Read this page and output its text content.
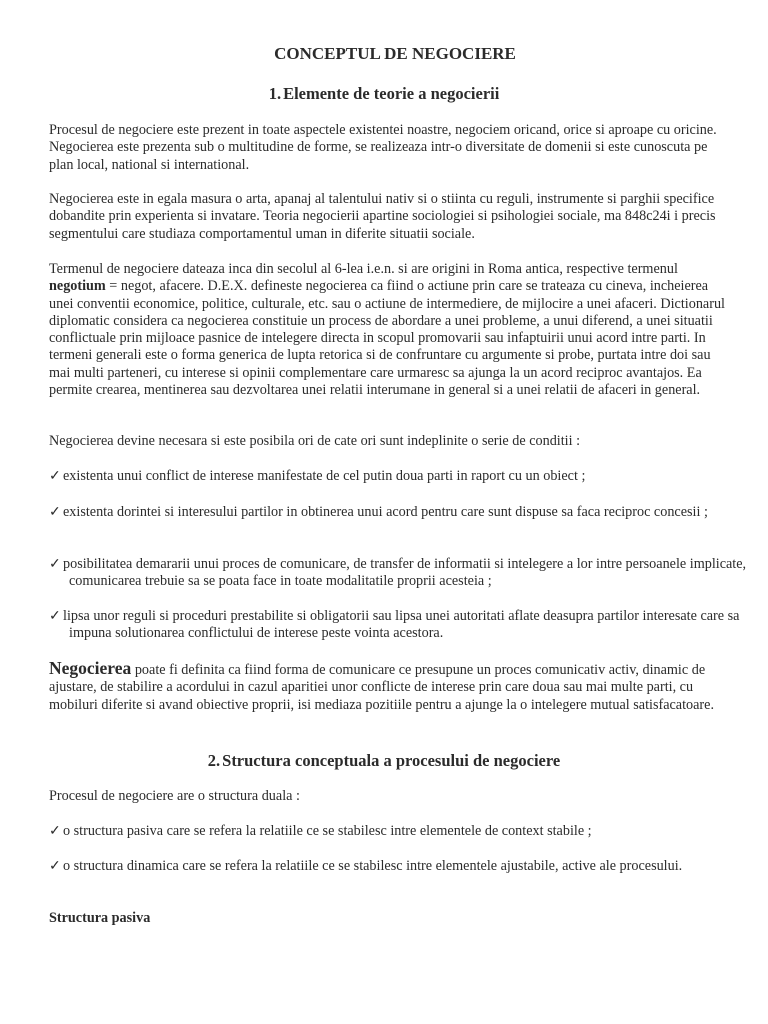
CONCEPTUL DE NEGOCIERE
1. Elemente de teorie a negocierii

Procesul de negociere este prezent in toate aspectele existentei noastre, negociem oricand, orice si aproape cu oricine. Negocierea este prezenta sub o multitudine de forme, se realizeaza intr-o diversitate de domenii si este cunoscuta pe plan local, national si international.

Negocierea este in egala masura o arta, apanaj al talentului nativ si o stiinta cu reguli, instrumente si parghii specifice dobandite prin experienta si invatare. Teoria negocierii apartine sociologiei si psihologiei sociale, ma 848c24i i precis segmentului care studiaza comportamentul uman in diferite situatii sociale.

Termenul de negociere dateaza inca din secolul al 6-lea i.e.n. si are origini in Roma antica, respective termenul negotium = negot, afacere. D.E.X. defineste negocierea ca fiind o actiune prin care se trateaza cu cineva, incheierea unei conventii economice, politice, culturale, etc. sau o actiune de intermediere, de mijlocire a unei afaceri. Dictionarul diplomatic considera ca negocierea constituie un process de abordare a unei probleme, a unui diferend, a unei situatii conflictuale prin mijloace pasnice de intelegere directa in scopul promovarii sau infaptuirii unui acord intre parti. In termeni generali este o forma generica de lupta retorica si de confruntare cu argumente si probe, purtata intre doi sau mai multi parteneri, cu interese si opinii complementare care urmaresc sa ajunga la un acord reciproc avantajos. Ea permite crearea, mentinerea sau dezvoltarea unei relatii interumane in general si a unei relatii de afaceri in general.

Negocierea devine necesara si este posibila ori de cate ori sunt indeplinite o serie de conditii :

✓ existenta unui conflict de interese manifestate de cel putin doua parti in raport cu un obiect ;

✓ existenta dorintei si interesului partilor in obtinerea unui acord pentru care sunt dispuse sa faca reciproc concesii ;

✓ posibilitatea demararii unui proces de comunicare, de transfer de informatii si intelegere a lor intre persoanele implicate, comunicarea trebuie sa se poata face in toate modalitatile proprii acesteia ;

✓ lipsa unor reguli si proceduri prestabilite si obligatorii sau lipsa unei autoritati aflate deasupra partilor interesate care sa impuna solutionarea conflictului de interese peste vointa acestora.

Negocierea poate fi definita ca fiind forma de comunicare ce presupune un proces comunicativ activ, dinamic de ajustare, de stabilire a acordului in cazul aparitiei unor conflicte de interese prin care doua sau mai multe parti, cu mobiluri diferite si avand obiective proprii, isi mediaza pozitiile pentru a ajunge la o intelegere mutual satisfacatoare.

2. Structura conceptuala a procesului de negociere

Procesul de negociere are o structura duala :

✓ o structura pasiva care se refera la relatiile ce se stabilesc intre elementele de context stabile ;

✓ o structura dinamica care se refera la relatiile ce se stabilesc intre elementele ajustabile, active ale procesului.

Structura pasiva
